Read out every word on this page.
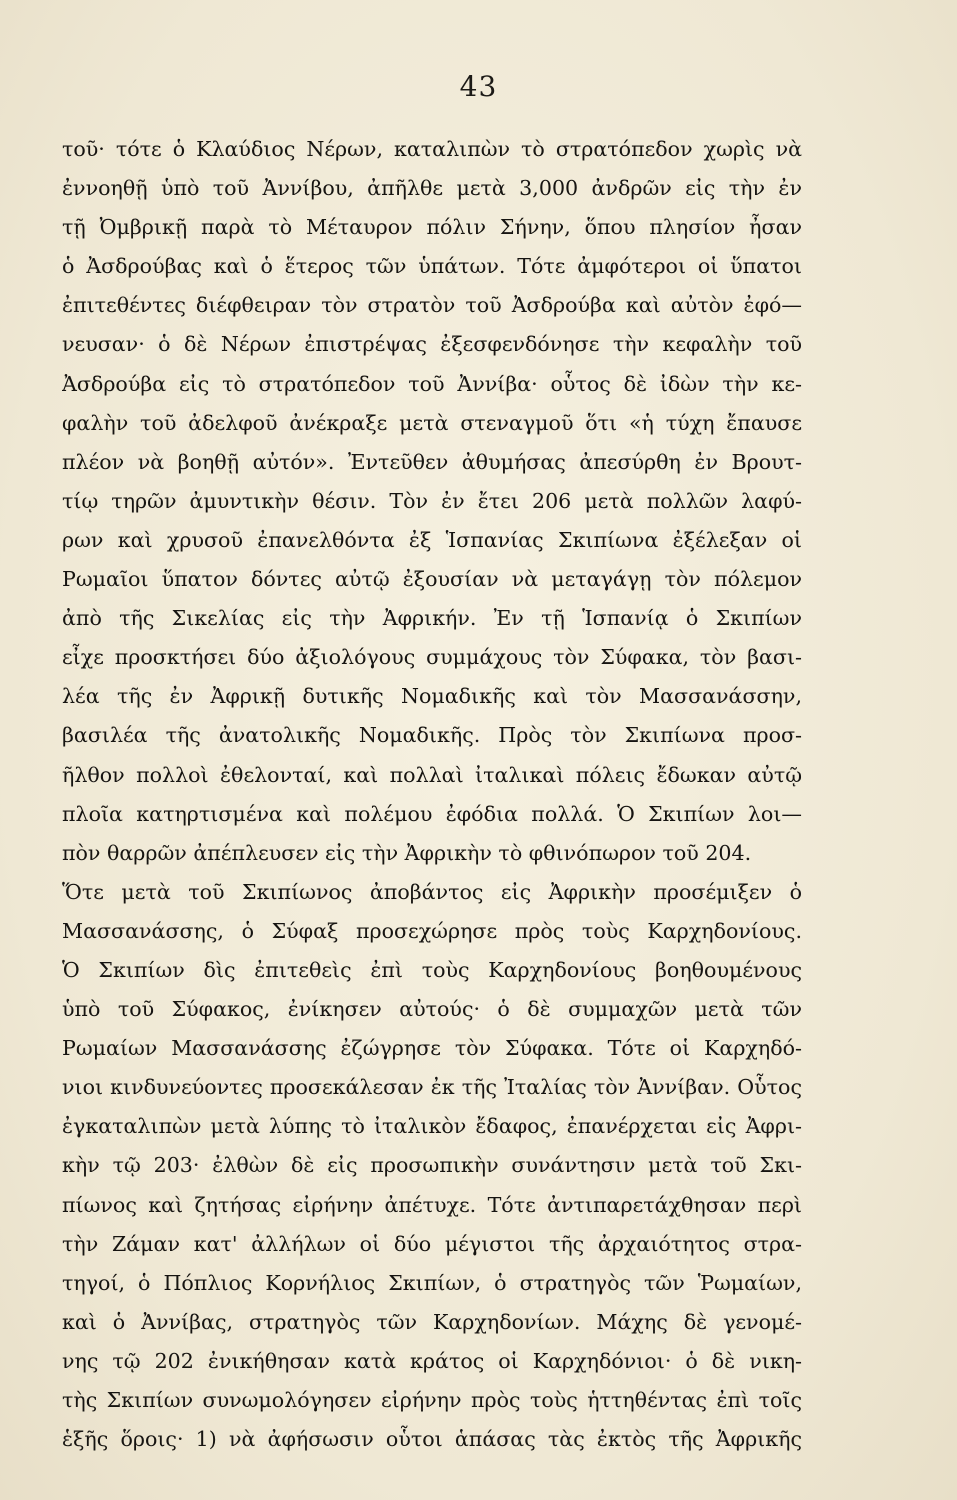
43
τοῦ· τότε ὁ Κλαύδιος Νέρων, καταλιπὼν τὸ στρατόπεδον χωρὶς νὰ
ἐννοηθῇ ὑπὸ τοῦ Ἀννίβου, ἀπῆλθε μετὰ 3,000 ἀνδρῶν εἰς τὴν ἐν
τῇ Ὀμβρικῇ παρὰ τὸ Μέταυρον πόλιν Σήνην, ὅπου πλησίον ἦσαν
ὁ Ἀσδρούβας καὶ ὁ ἕτερος τῶν ὑπάτων. Τότε ἀμφότεροι οἱ ὕπατοι
ἐπιτεθέντες διέφθειραν τὸν στρατὸν τοῦ Ἀσδρούβα καὶ αὐτὸν ἐφό—
νευσαν· ὁ δὲ Νέρων ἐπιστρέψας ἐξεσφενδόνησε τὴν κεφαλὴν τοῦ
Ἀσδρούβα εἰς τὸ στρατόπεδον τοῦ Ἀννίβα· οὗτος δὲ ἰδὼν τὴν κε-
φαλὴν τοῦ ἀδελφοῦ ἀνέκραξε μετὰ στεναγμοῦ ὅτι «ἡ τύχη ἔπαυσε
πλέον νὰ βοηθῇ αὐτόν». Ἐντεῦθεν ἀθυμήσας ἀπεσύρθη ἐν Βρουτ-
τίῳ τηρῶν ἀμυντικὴν θέσιν. Τὸν ἐν ἔτει 206 μετὰ πολλῶν λαφύ-
ρων καὶ χρυσοῦ ἐπανελθόντα ἐξ Ἱσπανίας Σκιπίωνα ἐξέλεξαν οἱ
Ρωμαῖοι ὕπατον δόντες αὐτῷ ἐξουσίαν νὰ μεταγάγῃ τὸν πόλεμον
ἀπὸ τῆς Σικελίας εἰς τὴν Ἀφρικήν. Ἐν τῇ Ἱσπανίᾳ ὁ Σκιπίων
εἶχε προσκτήσει δύο ἀξιολόγους συμμάχους τὸν Σύφακα, τὸν βασι-
λέα τῆς ἐν Ἀφρικῇ δυτικῆς Νομαδικῆς καὶ τὸν Μασσανάσσην,
βασιλέα τῆς ἀνατολικῆς Νομαδικῆς. Πρὸς τὸν Σκιπίωνα προσ-
ῆλθον πολλοὶ ἐθελονταί, καὶ πολλαὶ ἰταλικαὶ πόλεις ἔδωκαν αὐτῷ
πλοῖα κατηρτισμένα καὶ πολέμου ἐφόδια πολλά. Ὁ Σκιπίων λοι—
πὸν θαρρῶν ἀπέπλευσεν εἰς τὴν Ἀφρικὴν τὸ φθινόπωρον τοῦ 204.
Ὅτε μετὰ τοῦ Σκιπίωνος ἀποβάντος εἰς Ἀφρικὴν προσέμιξεν ὁ
Μασσανάσσης, ὁ Σύφαξ προσεχώρησε πρὸς τοὺς Καρχηδονίους.
Ὁ Σκιπίων δὶς ἐπιτεθεὶς ἐπὶ τοὺς Καρχηδονίους βοηθουμένους
ὑπὸ τοῦ Σύφακος, ἐνίκησεν αὐτούς· ὁ δὲ συμμαχῶν μετὰ τῶν
Ρωμαίων Μασσανάσσης ἐζώγρησε τὸν Σύφακα. Τότε οἱ Καρχηδό-
νιοι κινδυνεύοντες προσεκάλεσαν ἐκ τῆς Ἰταλίας τὸν Ἀννίβαν. Οὗτος
ἐγκαταλιπὼν μετὰ λύπης τὸ ἰταλικὸν ἔδαφος, ἐπανέρχεται εἰς Ἀφρι-
κὴν τῷ 203· ἐλθὼν δὲ εἰς προσωπικὴν συνάντησιν μετὰ τοῦ Σκι-
πίωνος καὶ ζητήσας εἰρήνην ἀπέτυχε. Τότε ἀντιπαρετάχθησαν περὶ
τὴν Ζάμαν κατ' ἀλλήλων οἱ δύο μέγιστοι τῆς ἀρχαιότητος στρα-
τηγοί, ὁ Πόπλιος Κορνήλιος Σκιπίων, ὁ στρατηγὸς τῶν Ῥωμαίων,
καὶ ὁ Ἀννίβας, στρατηγὸς τῶν Καρχηδονίων. Μάχης δὲ γενομέ-
νης τῷ 202 ἐνικήθησαν κατὰ κράτος οἱ Καρχηδόνιοι· ὁ δὲ νικη-
τὴς Σκιπίων συνωμολόγησεν εἰρήνην πρὸς τοὺς ἡττηθέντας ἐπὶ τοῖς
ἑξῆς ὅροις· 1) νὰ ἀφήσωσιν οὗτοι ἁπάσας τὰς ἐκτὸς τῆς Ἀφρικῆς
